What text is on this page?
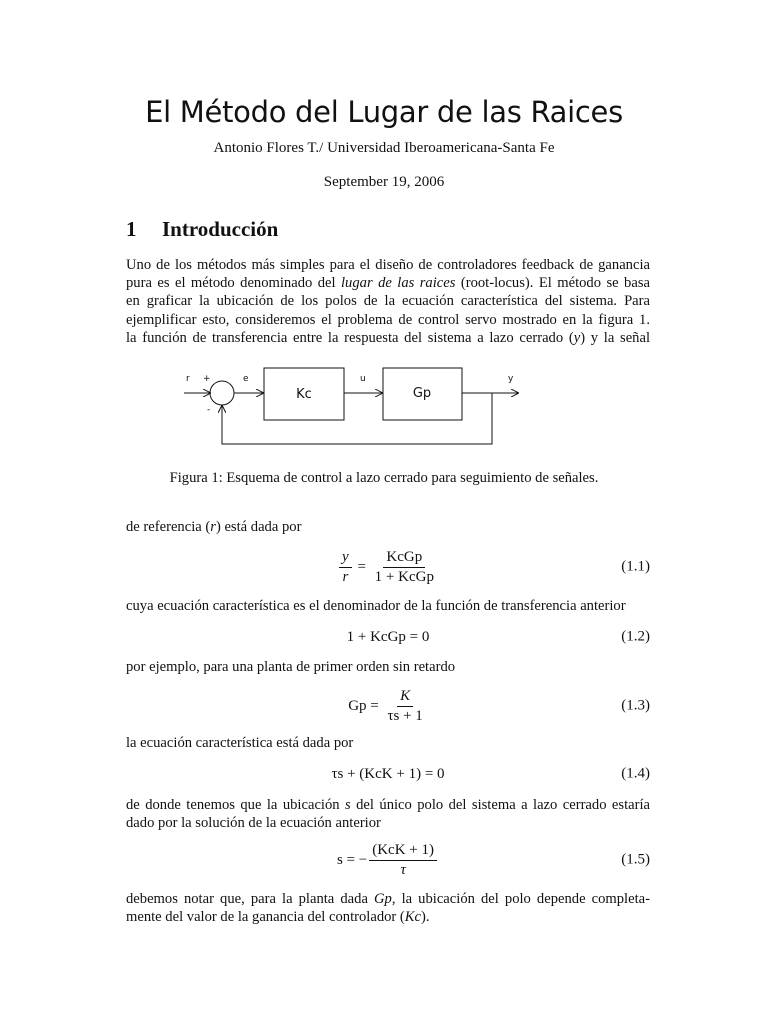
El Método del Lugar de las Raices
Antonio Flores T./ Universidad Iberoamericana-Santa Fe
September 19, 2006
1 Introducción

Uno de los métodos más simples para el diseño de controladores feedback de ganancia

pura es el método denominado del lugar de las raices (root-locus). El método se basa

en graficar la ubicación de los polos de la ecuación característica del sistema. Para

ejemplificar esto, consideremos el problema de control servo mostrado en la figura 1.

la función de transferencia entre la respuesta del sistema a lazo cerrado (y) y la señal

r +
-
e	u	y
Kc	Gp
Figura 1: Esquema de control a lazo cerrado para seguimiento de señales.

de referencia (r) está dada por

$\frac{y}{r} = \frac{\text{KcGp}}{\text{1 + KcGp}}$	(1.1)

cuya ecuación característica es el denominador de la función de transferencia anterior

1 + KcGp = 0	(1.2)

por ejemplo, para una planta de primer orden sin retardo

Gp =
$\frac{K}{\tau s + 1}$	(1.3)

la ecuación característica está dada por

τs + (KcK + 1) = 0	(1.4)

de donde tenemos que la ubicación s del único polo del sistema a lazo cerrado estaría

dado por la solución de la ecuación anterior

s = − $\frac{\text{(KcK + 1)}}{\tau}$	(1.5)

debemos notar que, para la planta dada Gp, la ubicación del polo depende completa-

mente del valor de la ganancia del controlador (Kc).
